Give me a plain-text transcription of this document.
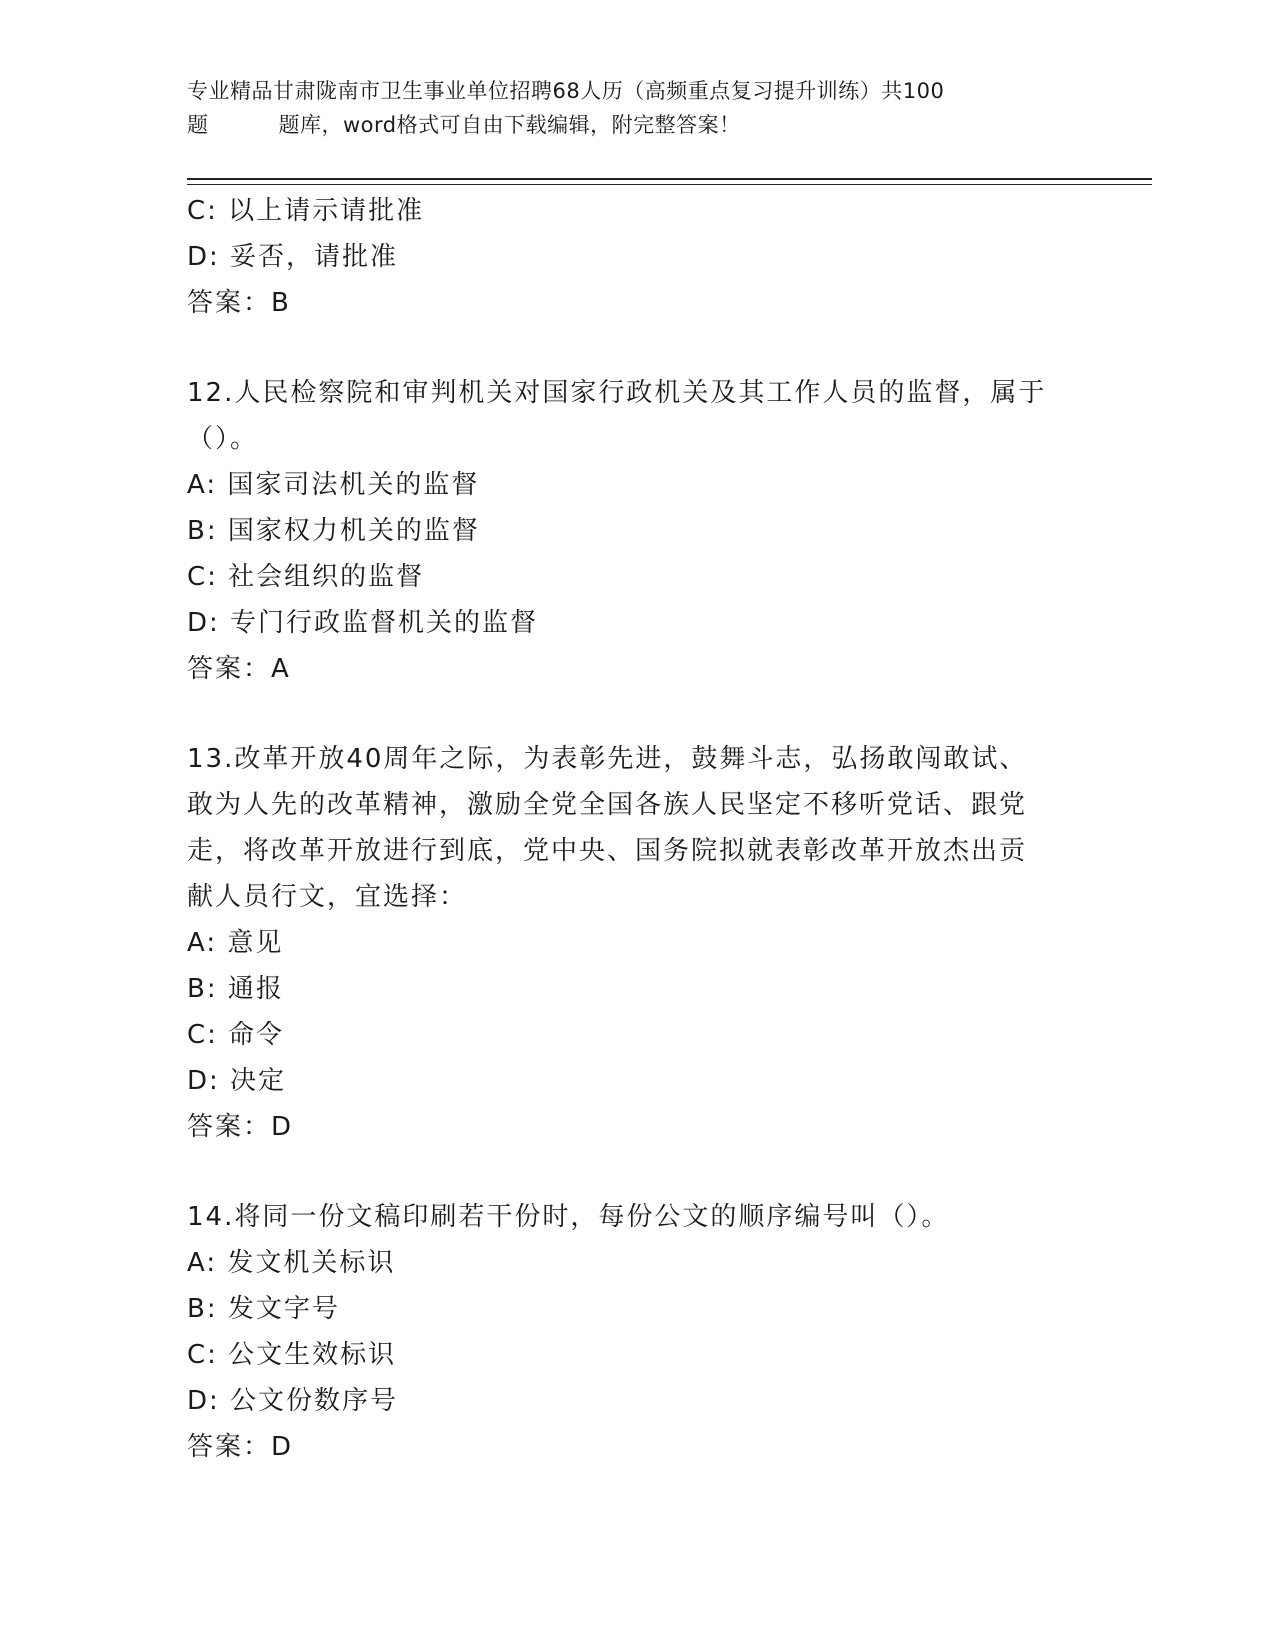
专业精品甘肃陇南市卫生事业单位招聘68人历（高频重点复习提升训练）共100
题	题库，word格式可自由下载编辑，附完整答案！
C: 以上请示请批准
D: 妥否，请批准
答案：B
12.人民检察院和审判机关对国家行政机关及其工作人员的监督，属于
（）。
A: 国家司法机关的监督
B: 国家权力机关的监督
C: 社会组织的监督
D: 专门行政监督机关的监督
答案：A
13.改革开放40周年之际，为表彰先进，鼓舞斗志，弘扬敢闯敢试、
敢为人先的改革精神，激励全党全国各族人民坚定不移听党话、跟党
走，将改革开放进行到底，党中央、国务院拟就表彰改革开放杰出贡
献人员行文，宜选择：
A: 意见
B: 通报
C: 命令
D: 决定
答案：D
14.将同一份文稿印刷若干份时，每份公文的顺序编号叫（）。
A: 发文机关标识
B: 发文字号
C: 公文生效标识
D: 公文份数序号
答案：D
